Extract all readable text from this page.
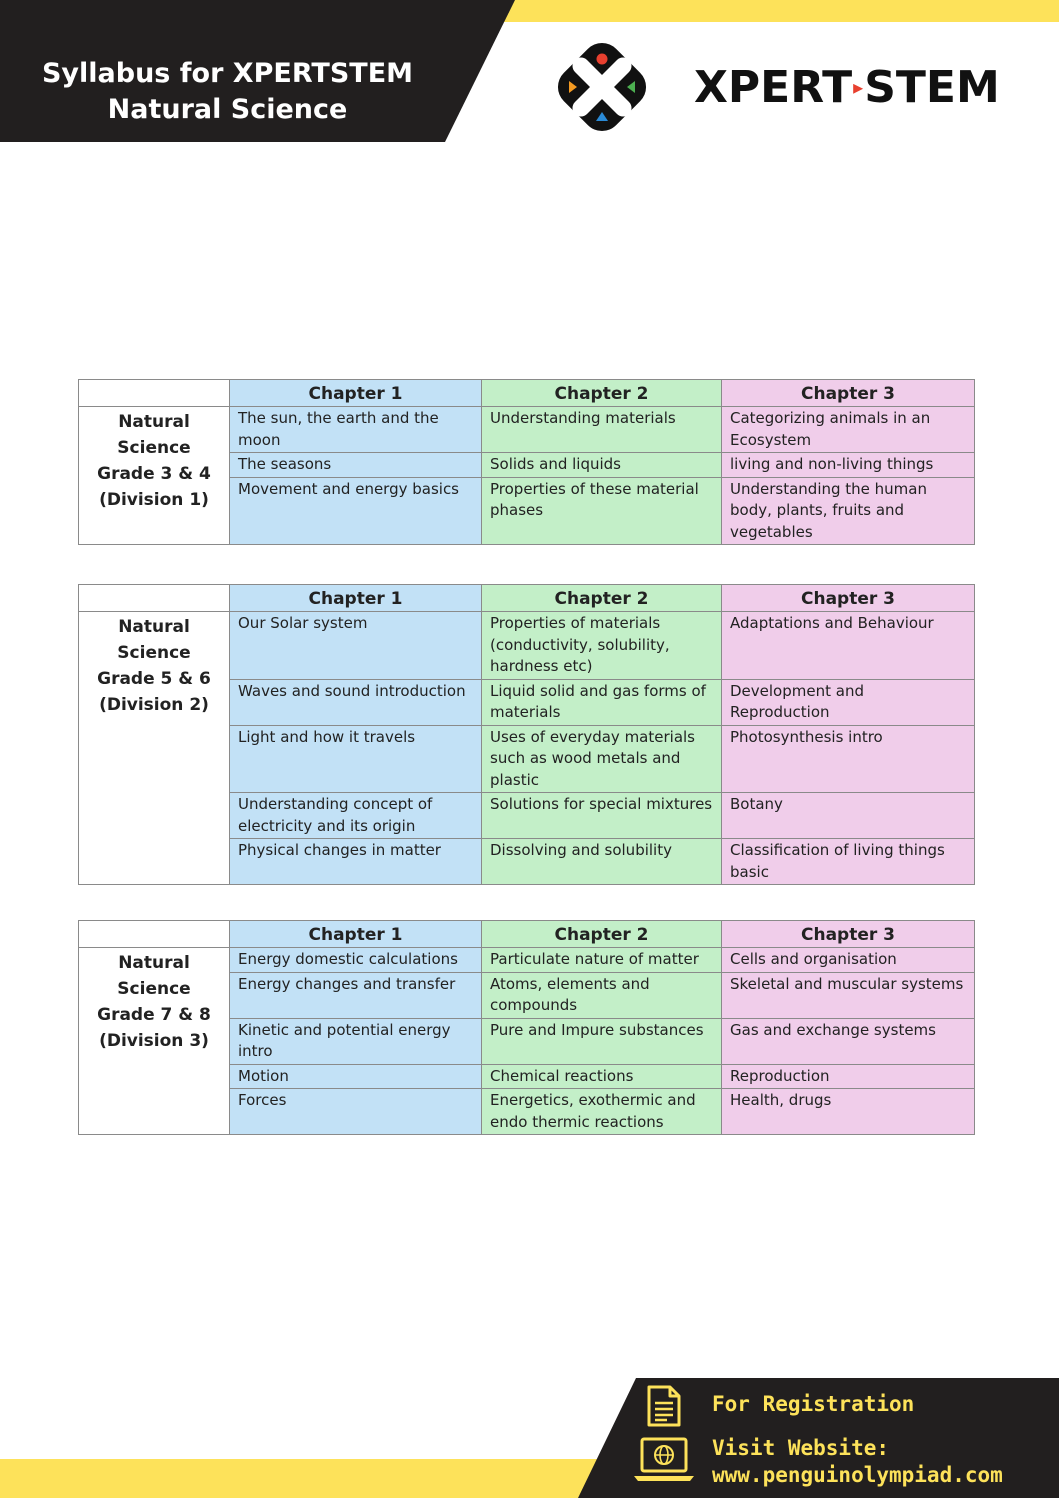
Syllabus for XPERTSTEM
Natural Science	XPERT▸STEM
	Chapter 1	Chapter 2	Chapter 3

Natural
Science
Grade 3 & 4
(Division 1)	The sun, the earth and the moon	Understanding materials	Categorizing animals in an Ecosystem
	The seasons	Solids and liquids	living and non-living things
	Movement and energy basics	Properties of these material phases	Understanding the human body, plants, fruits and vegetables
	Chapter 1	Chapter 2	Chapter 3

Natural
Science
Grade 5 & 6
(Division 2)	Our Solar system	Properties of materials (conductivity, solubility, hardness etc)	Adaptations and Behaviour
	Waves and sound introduction	Liquid solid and gas forms of materials	Development and Reproduction
	Light and how it travels	Uses of everyday materials such as wood metals and plastic	Photosynthesis intro
	Understanding concept of electricity and its origin	Solutions for special mixtures	Botany
	Physical changes in matter	Dissolving and solubility	Classification of living things basic
	Chapter 1	Chapter 2	Chapter 3

Natural
Science
Grade 7 & 8
(Division 3)	Energy domestic calculations	Particulate nature of matter	Cells and organisation
	Energy changes and transfer	Atoms, elements and compounds	Skeletal and muscular systems
	Kinetic and potential energy intro	Pure and Impure substances	Gas and exchange systems
	Motion	Chemical reactions	Reproduction
	Forces	Energetics, exothermic and endo thermic reactions	Health, drugs
For Registration
Visit Website:
www.penguinolympiad.com
